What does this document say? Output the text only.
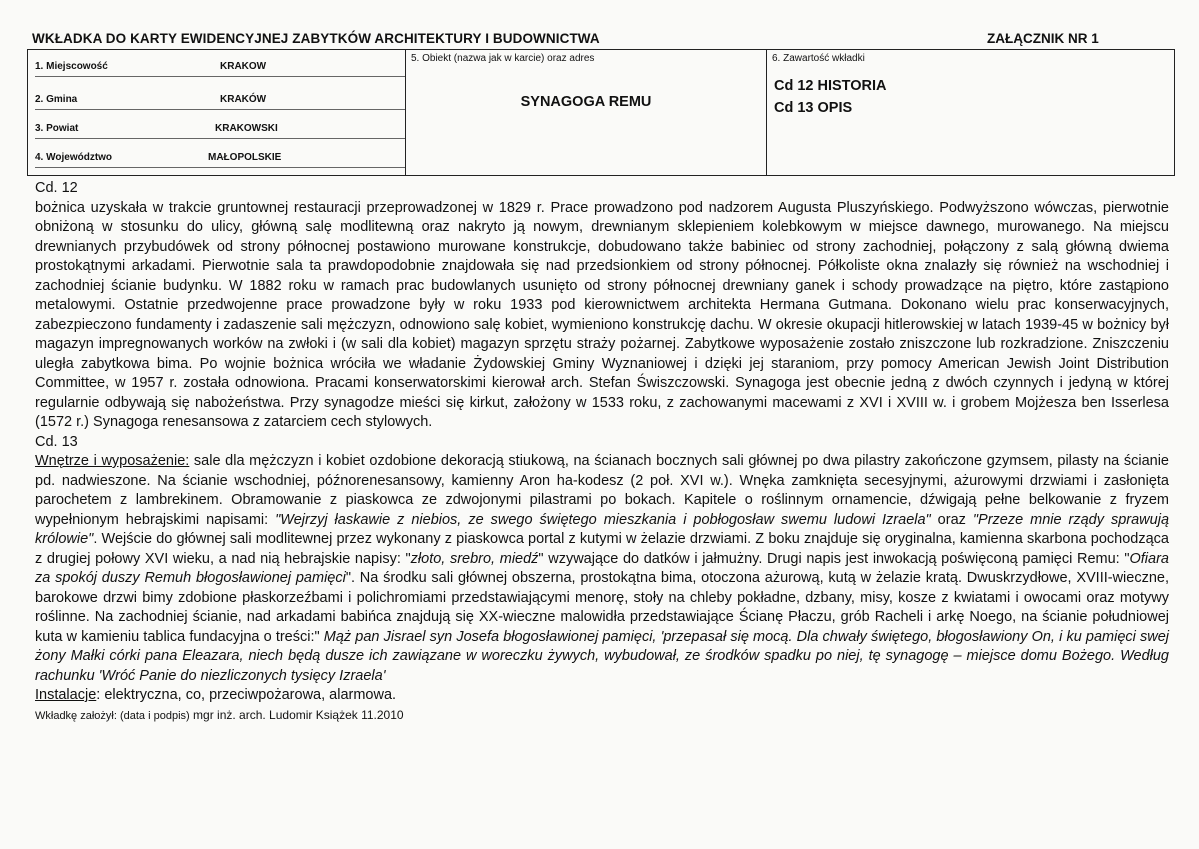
WKŁADKA DO KARTY EWIDENCYJNEJ ZABYTKÓW ARCHITEKTURY I BUDOWNICTWA	ZAŁĄCZNIK NR 1
1. Miejscowość	KRAKOW
2. Gmina	KRAKÓW
3. Powiat	KRAKOWSKI
4. Województwo	MAŁOPOLSKIE
5. Obiekt (nazwa jak w karcie) oraz adres
SYNAGOGA REMU
6. Zawartość wkładki
Cd 12 HISTORIA
Cd 13 OPIS

Cd. 12

bożnica uzyskała w trakcie gruntownej restauracji przeprowadzonej w 1829 r. Prace prowadzono pod nadzorem Augusta Pluszyńskiego. Podwyższono wówczas, pierwotnie obniżoną w stosunku do ulicy, główną salę modlitewną oraz nakryto ją nowym, drewnianym sklepieniem kolebkowym w miejsce dawnego, murowanego. Na miejscu drewnianych przybudówek od strony północnej postawiono murowane konstrukcje, dobudowano także babiniec od strony zachodniej, połączony z salą główną dwiema prostokątnymi arkadami. Pierwotnie sala ta prawdopodobnie znajdowała się nad przedsionkiem od strony północnej. Półkoliste okna znalazły się również na wschodniej i zachodniej ścianie budynku. W 1882 roku w ramach prac budowlanych usunięto od strony północnej drewniany ganek i schody prowadzące na piętro, które zastąpiono metalowymi. Ostatnie przedwojenne prace prowadzone były w roku 1933 pod kierownictwem architekta Hermana Gutmana. Dokonano wielu prac konserwacyjnych, zabezpieczono fundamenty i zadaszenie sali mężczyzn, odnowiono salę kobiet, wymieniono konstrukcję dachu. W okresie okupacji hitlerowskiej w latach 1939-45 w bożnicy był magazyn impregnowanych worków na zwłoki i (w sali dla kobiet) magazyn sprzętu straży pożarnej. Zabytkowe wyposażenie zostało zniszczone lub rozkradzione. Zniszczeniu uległa zabytkowa bima. Po wojnie bożnica wróciła we władanie Żydowskiej Gminy Wyznaniowej i dzięki jej staraniom, przy pomocy American Jewish Joint Distribution Committee, w 1957 r. została odnowiona. Pracami konserwatorskimi kierował arch. Stefan Świszczowski. Synagoga jest obecnie jedną z dwóch czynnych i jedyną w której regularnie odbywają się nabożeństwa. Przy synagodze mieści się kirkut, założony w 1533 roku, z zachowanymi macewami z XVI i XVIII w. i grobem Mojżesza ben Isserlesa (1572 r.) Synagoga renesansowa z zatarciem cech stylowych.

Cd. 13

Wnętrze i wyposażenie: sale dla mężczyzn i kobiet ozdobione dekoracją stiukową, na ścianach bocznych sali głównej po dwa pilastry zakończone gzymsem, pilasty na ścianie pd. nadwieszone. Na ścianie wschodniej, późnorenesansowy, kamienny Aron ha-kodesz (2 poł. XVI w.). Wnęka zamknięta secesyjnymi, ażurowymi drzwiami i zasłonięta parochetem z lambrekinem. Obramowanie z piaskowca ze zdwojonymi pilastrami po bokach. Kapitele o roślinnym ornamencie, dźwigają pełne belkowanie z fryzem wypełnionym hebrajskimi napisami: "Wejrzyj łaskawie z niebios, ze swego świętego mieszkania i pobłogosław swemu ludowi Izraela" oraz "Przeze mnie rządy sprawują królowie". Wejście do głównej sali modlitewnej przez wykonany z piaskowca portal z kutymi w żelazie drzwiami. Z boku znajduje się oryginalna, kamienna skarbona pochodząca z drugiej połowy XVI wieku, a nad nią hebrajskie napisy: "złoto, srebro, miedź" wzywające do datków i jałmużny. Drugi napis jest inwokacją poświęconą pamięci Remu: "Ofiara za spokój duszy Remuh błogosławionej pamięci". Na środku sali głównej obszerna, prostokątna bima, otoczona ażurową, kutą w żelazie kratą. Dwuskrzydłowe, XVIII-wieczne, barokowe drzwi bimy zdobione płaskorzeźbami i polichromiami przedstawiającymi menorę, stoły na chleby pokładne, dzbany, misy, kosze z kwiatami i owocami oraz motywy roślinne. Na zachodniej ścianie, nad arkadami babińca znajdują się XX-wieczne malowidła przedstawiające Ścianę Płaczu, grób Racheli i arkę Noego, na ścianie południowej kuta w kamieniu tablica fundacyjna o treści:" Mąż pan Jisrael syn Josefa błogosławionej pamięci, 'przepasał się mocą. Dla chwały świętego, błogosławiony On, i ku pamięci swej żony Małki córki pana Eleazara, niech będą dusze ich zawiązane w woreczku żywych, wybudował, ze środków spadku po niej, tę synagogę – miejsce domu Bożego. Według rachunku 'Wróć Panie do niezliczonych tysięcy Izraela'

Instalacje: elektryczna, co, przeciwpożarowa, alarmowa.

Wkładkę założył: (data i podpis) mgr inż. arch. Ludomir Książek 11.2010
